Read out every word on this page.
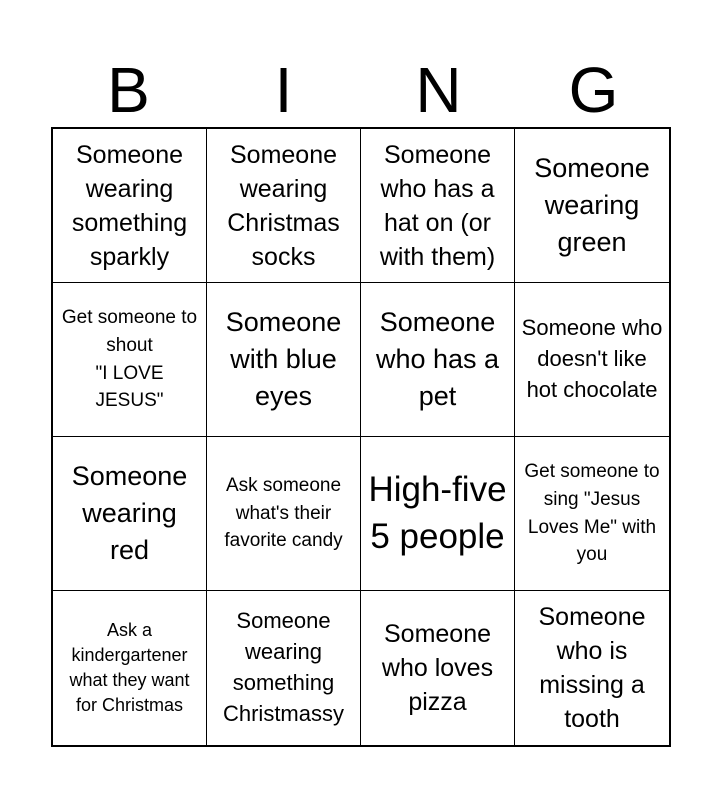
B	I	N	G
Someone wearing something sparkly
Someone wearing Christmas socks
Someone who has a hat on (or with them)
Someone wearing green
Get someone to shout
"I LOVE JESUS"
Someone with blue eyes
Someone who has a pet
Someone who doesn't like hot chocolate
Someone wearing red
Ask someone what's their favorite candy
High-five 5 people
Get someone to sing "Jesus Loves Me" with you
Ask a kindergartener what they want for Christmas
Someone wearing something Christmassy
Someone who loves pizza
Someone who is missing a tooth
